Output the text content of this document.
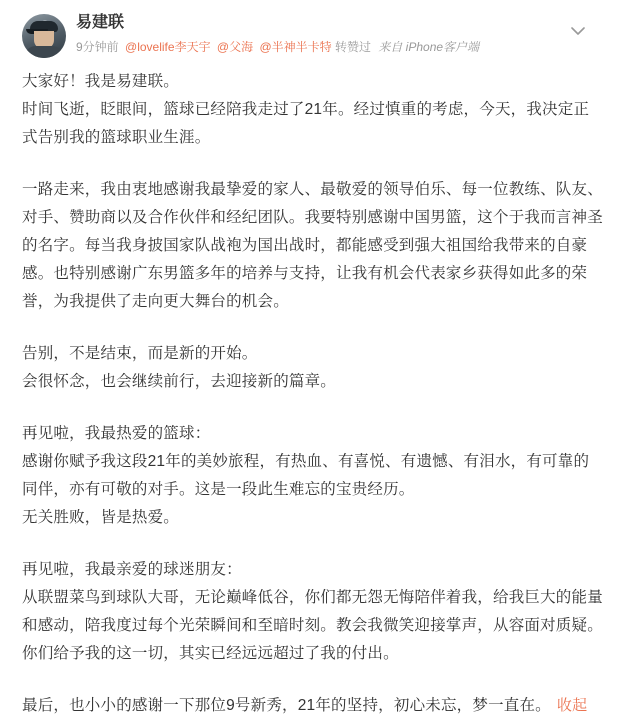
易建联
9分钟前 @lovelife李天宇 @父海 @半神半卡特 转赞过 来自 iPhone客户端

大家好！我是易建联。

时间飞逝，眨眼间，篮球已经陪我走过了21年。经过慎重的考虑，今天，我决定正式告别我的篮球职业生涯。

一路走来，我由衷地感谢我最挚爱的家人、最敬爱的领导伯乐、每一位教练、队友、对手、赞助商以及合作伙伴和经纪团队。我要特别感谢中国男篮，这个于我而言神圣的名字。每当我身披国家队战袍为国出战时，都能感受到强大祖国给我带来的自豪感。也特别感谢广东男篮多年的培养与支持，让我有机会代表家乡获得如此多的荣誉，为我提供了走向更大舞台的机会。

告别，不是结束，而是新的开始。

会很怀念，也会继续前行，去迎接新的篇章。

再见啦，我最热爱的篮球：

感谢你赋予我这段21年的美妙旅程，有热血、有喜悦、有遗憾、有泪水，有可靠的同伴，亦有可敬的对手。这是一段此生难忘的宝贵经历。

无关胜败，皆是热爱。

再见啦，我最亲爱的球迷朋友：

从联盟菜鸟到球队大哥，无论巅峰低谷，你们都无怨无悔陪伴着我，给我巨大的能量和感动，陪我度过每个光荣瞬间和至暗时刻。教会我微笑迎接掌声，从容面对质疑。你们给予我的这一切，其实已经远远超过了我的付出。

最后，也小小的感谢一下那位9号新秀，21年的坚持，初心未忘，梦一直在。 收起
